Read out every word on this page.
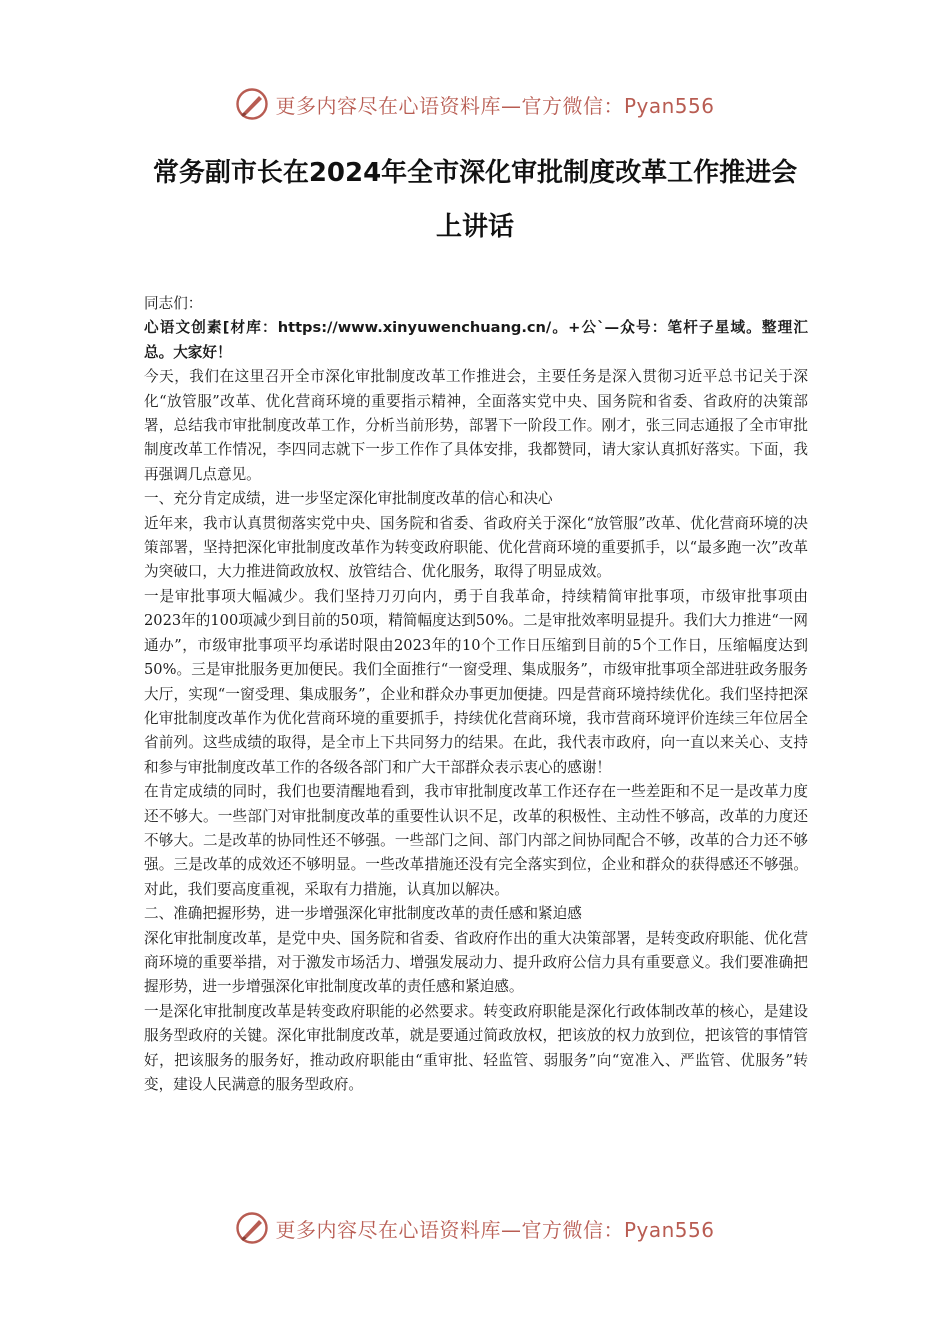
更多内容尽在心语资料库—官方微信：Pyan556
常务副市长在2024年全市深化审批制度改革工作推进会上讲话

同志们：

心语文创素[材库：https://www.xinyuwenchuang.cn/。+公`—众号：笔杆子星域。整理汇总。大家好！

今天，我们在这里召开全市深化审批制度改革工作推进会，主要任务是深入贯彻习近平总书记关于深化“放管服”改革、优化营商环境的重要指示精神，全面落实党中央、国务院和省委、省政府的决策部署，总结我市审批制度改革工作，分析当前形势，部署下一阶段工作。刚才，张三同志通报了全市审批制度改革工作情况，李四同志就下一步工作作了具体安排，我都赞同，请大家认真抓好落实。下面，我再强调几点意见。

一、充分肯定成绩，进一步坚定深化审批制度改革的信心和决心

近年来，我市认真贯彻落实党中央、国务院和省委、省政府关于深化“放管服”改革、优化营商环境的决策部署，坚持把深化审批制度改革作为转变政府职能、优化营商环境的重要抓手，以“最多跑一次”改革为突破口，大力推进简政放权、放管结合、优化服务，取得了明显成效。

一是审批事项大幅减少。我们坚持刀刃向内，勇于自我革命，持续精简审批事项，市级审批事项由2023年的100项减少到目前的50项，精简幅度达到50%。二是审批效率明显提升。我们大力推进“一网通办”，市级审批事项平均承诺时限由2023年的10个工作日压缩到目前的5个工作日，压缩幅度达到50%。三是审批服务更加便民。我们全面推行“一窗受理、集成服务”，市级审批事项全部进驻政务服务大厅，实现“一窗受理、集成服务”，企业和群众办事更加便捷。四是营商环境持续优化。我们坚持把深化审批制度改革作为优化营商环境的重要抓手，持续优化营商环境，我市营商环境评价连续三年位居全省前列。这些成绩的取得，是全市上下共同努力的结果。在此，我代表市政府，向一直以来关心、支持和参与审批制度改革工作的各级各部门和广大干部群众表示衷心的感谢！

在肯定成绩的同时，我们也要清醒地看到，我市审批制度改革工作还存在一些差距和不足一是改革力度还不够大。一些部门对审批制度改革的重要性认识不足，改革的积极性、主动性不够高，改革的力度还不够大。二是改革的协同性还不够强。一些部门之间、部门内部之间协同配合不够，改革的合力还不够强。三是改革的成效还不够明显。一些改革措施还没有完全落实到位，企业和群众的获得感还不够强。对此，我们要高度重视，采取有力措施，认真加以解决。

二、准确把握形势，进一步增强深化审批制度改革的责任感和紧迫感

深化审批制度改革，是党中央、国务院和省委、省政府作出的重大决策部署，是转变政府职能、优化营商环境的重要举措，对于激发市场活力、增强发展动力、提升政府公信力具有重要意义。我们要准确把握形势，进一步增强深化审批制度改革的责任感和紧迫感。

一是深化审批制度改革是转变政府职能的必然要求。转变政府职能是深化行政体制改革的核心，是建设服务型政府的关键。深化审批制度改革，就是要通过简政放权，把该放的权力放到位，把该管的事情管好，把该服务的服务好，推动政府职能由“重审批、轻监管、弱服务”向“宽准入、严监管、优服务”转变，建设人民满意的服务型政府。

更多内容尽在心语资料库—官方微信：Pyan556
